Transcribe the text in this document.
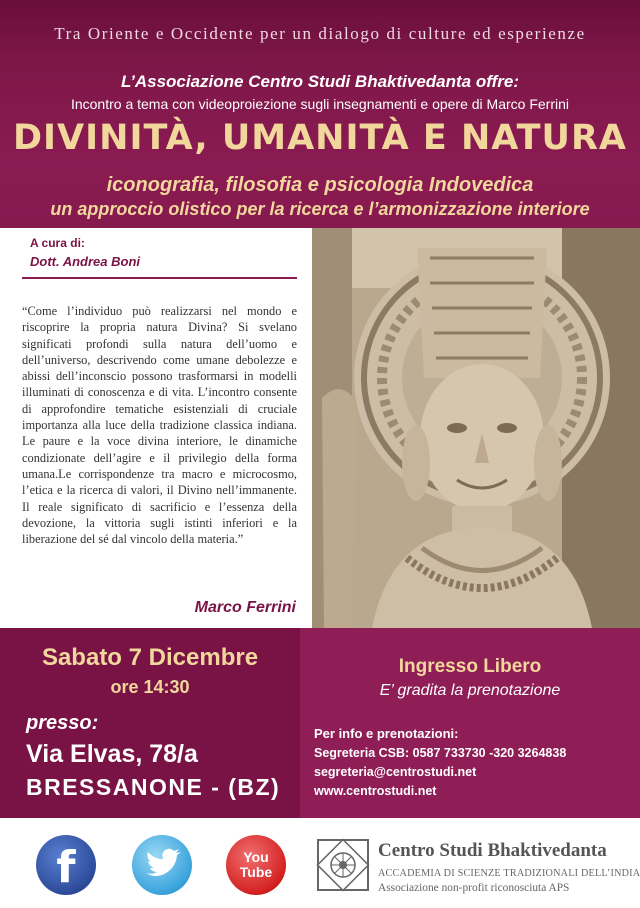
Tra Oriente e Occidente per un dialogo di culture ed esperienze
L’Associazione Centro Studi Bhaktivedanta offre:
Incontro a tema con videoproiezione sugli insegnamenti e opere di Marco Ferrini
DIVINITÀ, UMANITÀ E NATURA
iconografia, filosofia e psicologia Indovedica
un approccio olistico per la ricerca e l’armonizzazione interiore
A cura di:
Dott. Andrea Boni
“Come l’individuo può realizzarsi nel mondo e riscoprire la propria natura Divina? Si svelano significati profondi sulla natura dell’uomo e dell’universo, descrivendo come umane debolezze e abissi dell’inconscio possono trasformarsi in modelli illuminati di conoscenza e di vita. L’incontro consente di approfondire tematiche esistenziali di cruciale importanza alla luce della tradizione classica indiana. Le paure e la voce divina interiore, le dinamiche condizionate dell’agire e il privilegio della forma umana.Le corrispondenze tra macro e microcosmo, l’etica e la ricerca di valori, il Divino nell’immanente. Il reale significato di sacrificio e l’essenza della devozione, la vittoria sugli istinti inferiori e la liberazione del sé dal vincolo della materia.”
Marco Ferrini
Sabato 7 Dicembre
ore 14:30
presso:
Via Elvas, 78/a
BRESSANONE - (BZ)
Ingresso Libero
E’ gradita la prenotazione
Per info e prenotazioni:
Segreteria CSB: 0587 733730 -320 3264838
segreteria@centrostudi.net
www.centrostudi.net
f	You
Tube
Centro Studi Bhaktivedanta
ACCADEMIA DI SCIENZE TRADIZIONALI DELL’INDIA
Associazione non-profit riconosciuta APS
